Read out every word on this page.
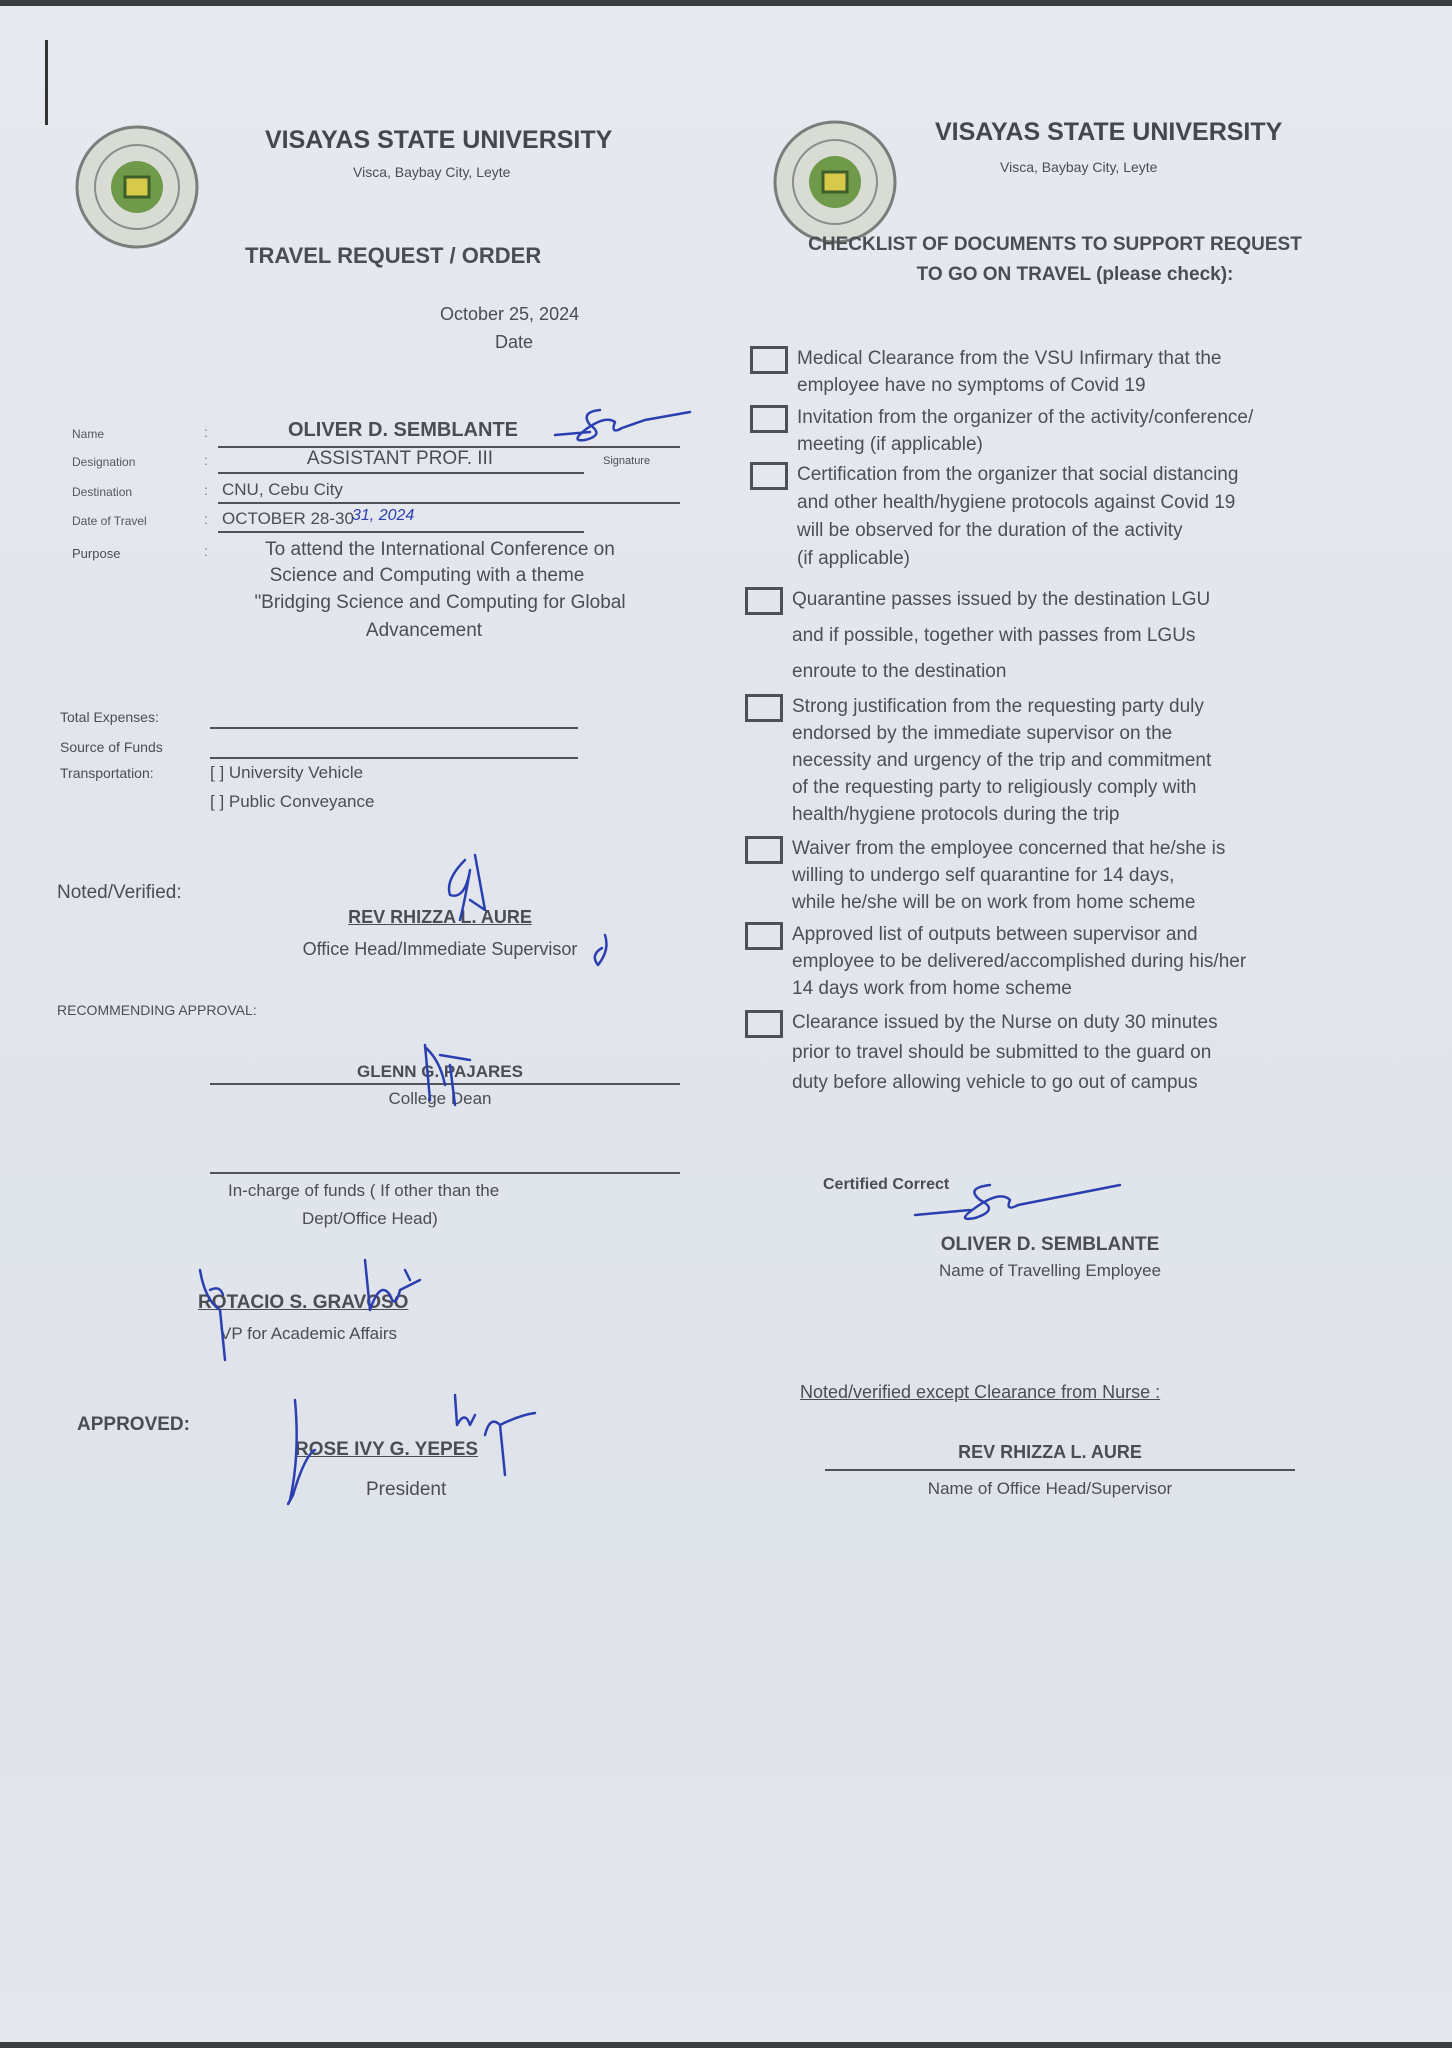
VISAYAS STATE UNIVERSITY
Visca, Baybay City, Leyte
TRAVEL REQUEST / ORDER
VISAYAS STATE UNIVERSITY
Visca, Baybay City, Leyte
CHECKLIST OF DOCUMENTS TO SUPPORT REQUEST
TO GO ON TRAVEL (please check):
October 25, 2024
Date
Name
Designation
Destination
Date of Travel
Purpose
:
:
:
:
:
OLIVER D. SEMBLANTE
ASSISTANT PROF. III	Signature
CNU, Cebu City
OCTOBER 28-30
31, 2024
To attend the International Conference on
Science and Computing with a theme
"Bridging Science and Computing for Global
Advancement
Total Expenses:
Source of Funds
Transportation:	[ ] University Vehicle
[ ] Public Conveyance
Noted/Verified:
REV RHIZZA L. AURE
Office Head/Immediate Supervisor
RECOMMENDING APPROVAL:
GLENN G. PAJARES
College Dean
In-charge of funds ( If other than the
Dept/Office Head)
ROTACIO S. GRAVOSO
VP for Academic Affairs
APPROVED:
ROSE IVY G. YEPES
President
Medical Clearance from the VSU Infirmary that the
employee have no symptoms of Covid 19
Invitation from the organizer of the activity/conference/
meeting (if applicable)
Certification from the organizer that social distancing
and other health/hygiene protocols against Covid 19
will be observed for the duration of the activity
(if applicable)
Quarantine passes issued by the destination LGU
and if possible, together with passes from LGUs
enroute to the destination
Strong justification from the requesting party duly
endorsed by the immediate supervisor on the
necessity and urgency of the trip and commitment
of the requesting party to religiously comply with
health/hygiene protocols during the trip
Waiver from the employee concerned that he/she is
willing to undergo self quarantine for 14 days,
while he/she will be on work from home scheme
Approved list of outputs between supervisor and
employee to be delivered/accomplished during his/her
14 days work from home scheme
Clearance issued by the Nurse on duty 30 minutes
prior to travel should be submitted to the guard on
duty before allowing vehicle to go out of campus
Certified Correct
OLIVER D. SEMBLANTE
Name of Travelling Employee
Noted/verified except Clearance from Nurse :
REV RHIZZA L. AURE
Name of Office Head/Supervisor
